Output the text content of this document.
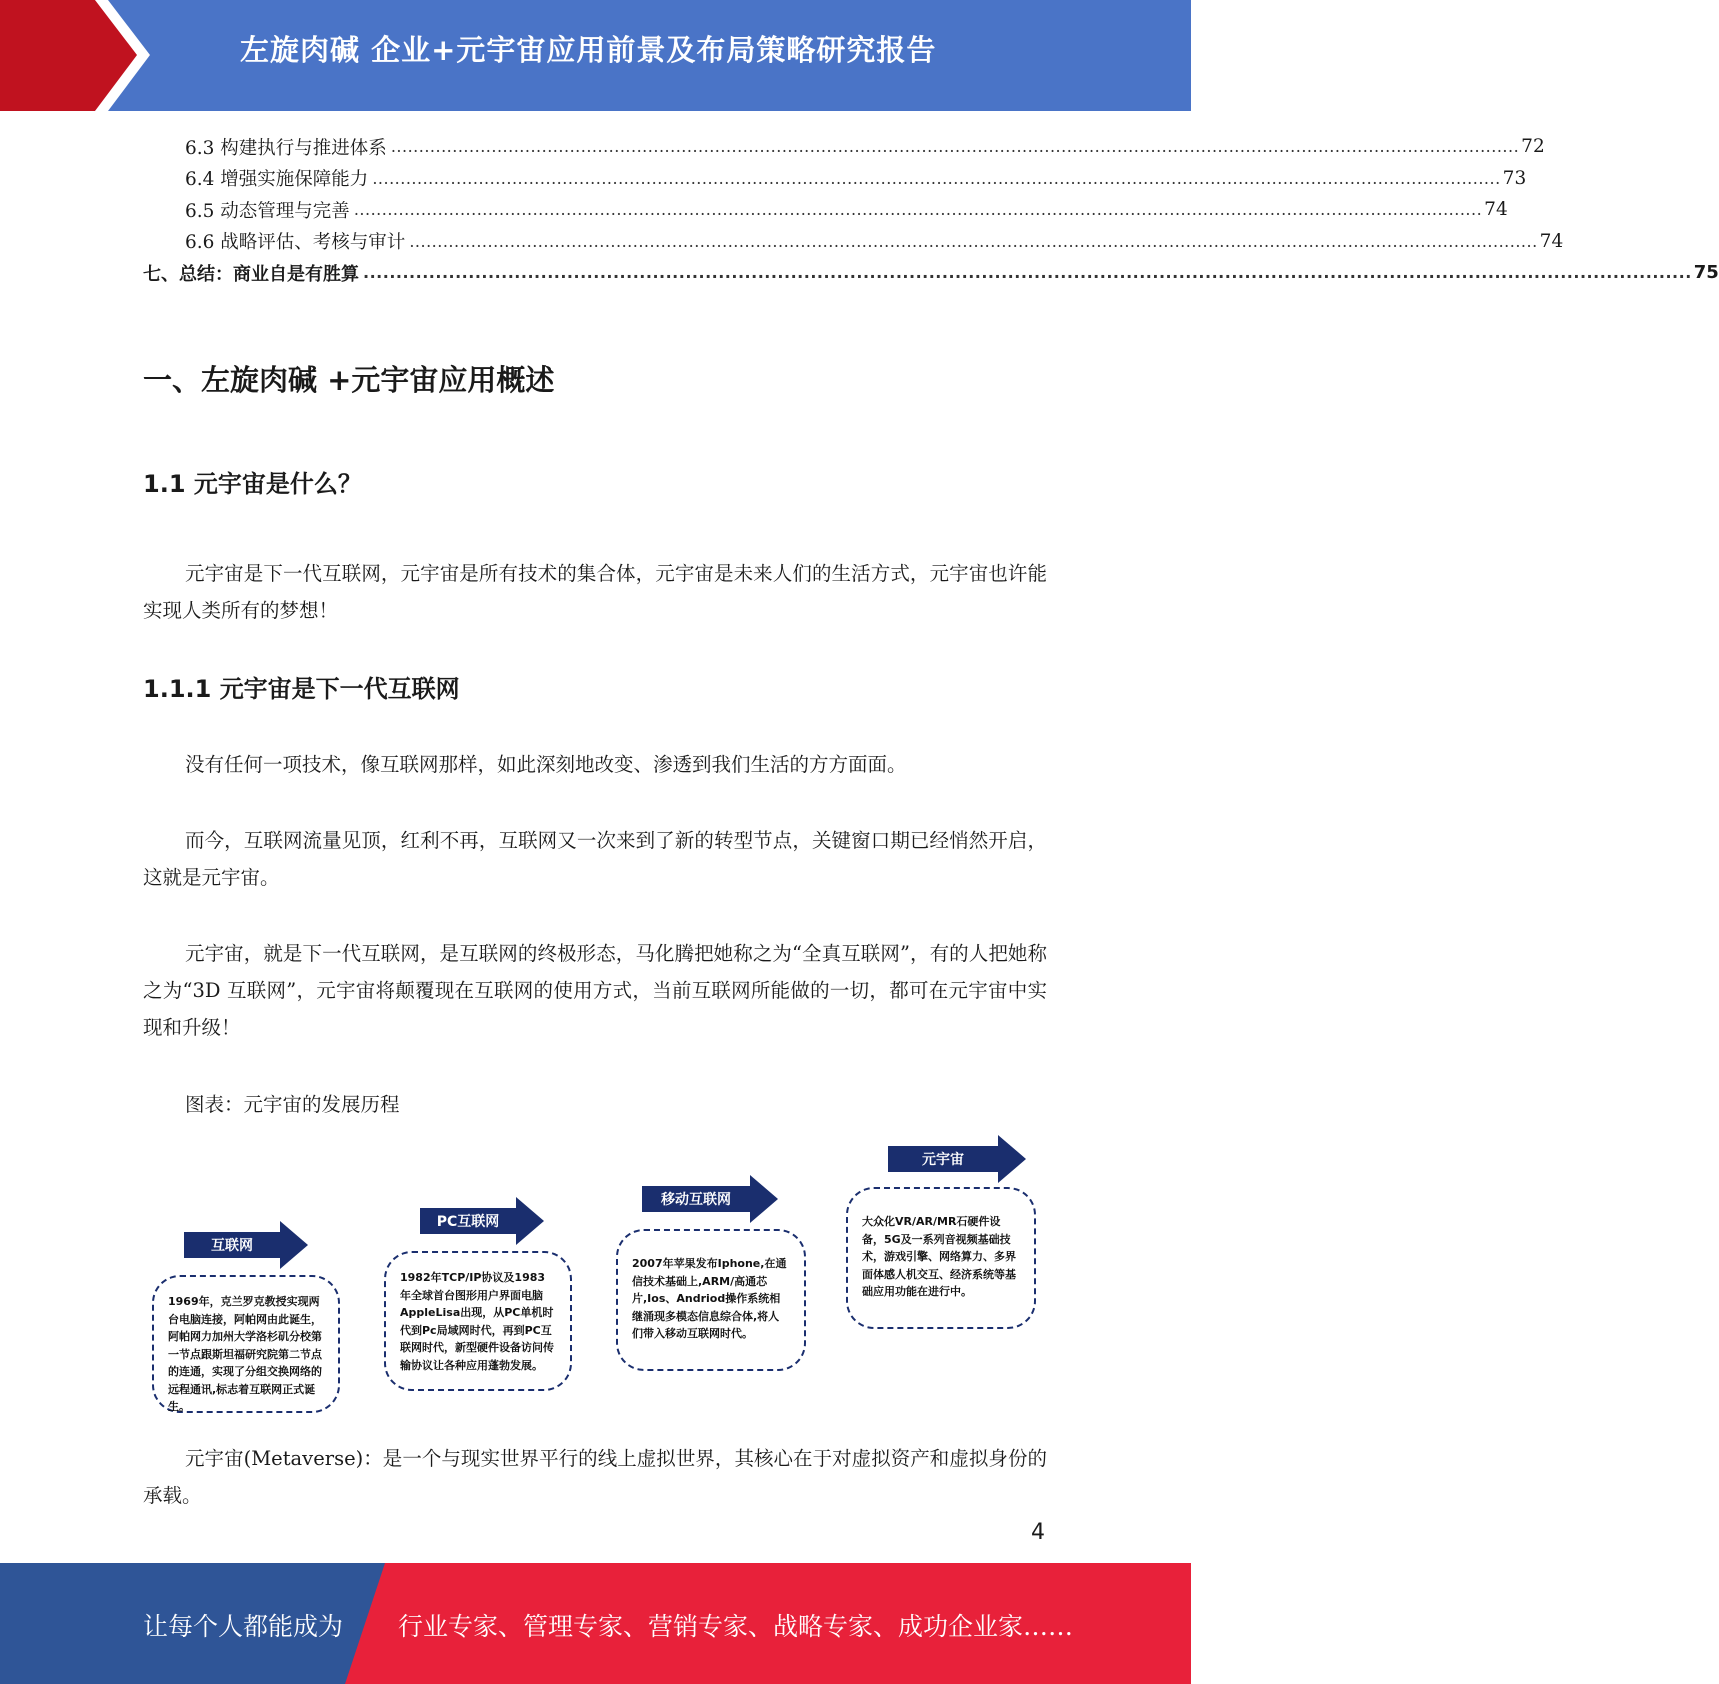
左旋肉碱 企业+元宇宙应用前景及布局策略研究报告
6.3 构建执行与推进体系 .......................................................................................................................................................................................................... 72
6.4 增强实施保障能力 .......................................................................................................................................................................................................... 73
6.5 动态管理与完善 .......................................................................................................................................................................................................... 74
6.6 战略评估、考核与审计 .......................................................................................................................................................................................................... 74
七、总结：商业自是有胜算 .......................................................................................................................................................................................................... 75
一、左旋肉碱 +元宇宙应用概述
1.1 元宇宙是什么？

元宇宙是下一代互联网，元宇宙是所有技术的集合体，元宇宙是未来人们的生活方式，元宇宙也许能实现人类所有的梦想！

1.1.1 元宇宙是下一代互联网

没有任何一项技术，像互联网那样，如此深刻地改变、渗透到我们生活的方方面面。

而今，互联网流量见顶，红利不再，互联网又一次来到了新的转型节点，关键窗口期已经悄然开启，这就是元宇宙。

元宇宙，就是下一代互联网，是互联网的终极形态，马化腾把她称之为“全真互联网”，有的人把她称之为“3D 互联网”，元宇宙将颠覆现在互联网的使用方式，当前互联网所能做的一切，都可在元宇宙中实现和升级！

图表：元宇宙的发展历程
互联网
1969年，克兰罗克教授实现两台电脑连接，阿帕网由此诞生，阿帕网力加州大学洛杉矶分校第一节点跟斯坦福研究院第二节点的连通，实现了分组交换网络的远程通讯,标志着互联网正式诞生。
PC互联网
1982年TCP/IP协议及1983年全球首台图形用户界面电脑AppleLisa出现，从PC单机时代到Pc局域网时代，再到PC互联网时代，新型硬件设备访问传输协议让各种应用蓬勃发展。
移动互联网
2007年苹果发布Iphone,在通信技术基础上,ARM/高通芯片,Ios、Andriod操作系统相继涌现多模态信息综合体,将人们带入移动互联网时代。
元宇宙
大众化VR/AR/MR石硬件设备，5G及一系列音视频基础技术，游戏引擎、网络算力、多界面体感人机交互、经济系统等基础应用功能在进行中。

元宇宙(Metaverse)：是一个与现实世界平行的线上虚拟世界，其核心在于对虚拟资产和虚拟身份的承载。

4
让每个人都能成为 行业专家、管理专家、营销专家、战略专家、成功企业家……
